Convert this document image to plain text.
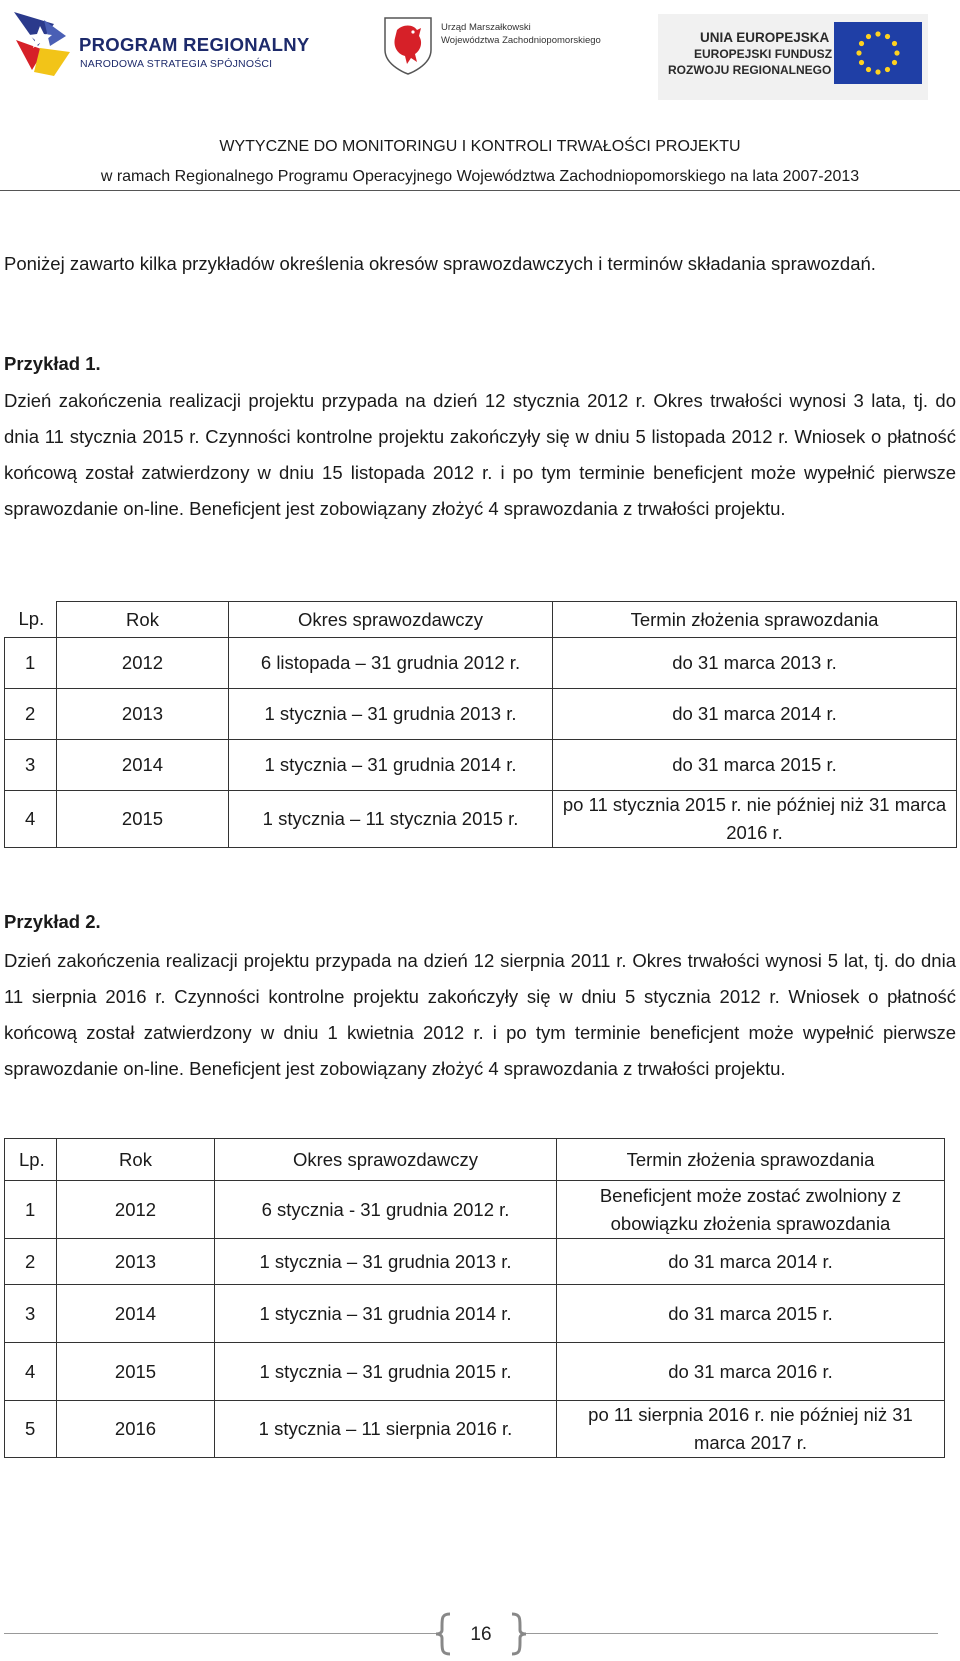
PROGRAM REGIONALNY
NARODOWA STRATEGIA SPÓJNOŚCI
Urząd Marszałkowski
Województwa Zachodniopomorskiego	UNIA EUROPEJSKA
EUROPEJSKI FUNDUSZ
ROZWOJU REGIONALNEGO
WYTYCZNE DO MONITORINGU I KONTROLI TRWAŁOŚCI PROJEKTU
w ramach Regionalnego Programu Operacyjnego Województwa Zachodniopomorskiego na lata 2007-2013
Poniżej zawarto kilka przykładów określenia okresów sprawozdawczych i terminów składania sprawozdań.
Przykład 1.
Dzień zakończenia realizacji projektu przypada na dzień 12 stycznia 2012 r. Okres trwałości wynosi 3 lata, tj. do dnia 11 stycznia 2015 r. Czynności kontrolne projektu zakończyły się w dniu 5 listopada 2012 r. Wniosek o płatność końcową został zatwierdzony w dniu 15 listopada 2012 r. i po tym terminie beneficjent może wypełnić pierwsze sprawozdanie on-line. Beneficjent jest zobowiązany złożyć 4 sprawozdania z trwałości projektu.
Lp.	Rok	Okres sprawozdawczy	Termin złożenia sprawozdania
1	2012	6 listopada – 31 grudnia 2012 r.	do 31 marca 2013 r.
2	2013	1 stycznia – 31 grudnia 2013 r.	do 31 marca 2014 r.
3	2014	1 stycznia – 31 grudnia 2014 r.	do 31 marca 2015 r.
4	2015	1 stycznia – 11 stycznia 2015 r.	po 11 stycznia 2015 r. nie później niż 31 marca 2016 r.
Przykład 2.
Dzień zakończenia realizacji projektu przypada na dzień 12 sierpnia 2011 r. Okres trwałości wynosi 5 lat, tj. do dnia 11 sierpnia 2016 r. Czynności kontrolne projektu zakończyły się w dniu 5 stycznia 2012 r. Wniosek o płatność końcową został zatwierdzony w dniu 1 kwietnia 2012 r. i po tym terminie beneficjent może wypełnić pierwsze sprawozdanie on-line. Beneficjent jest zobowiązany złożyć 4 sprawozdania z trwałości projektu.
Lp.	Rok	Okres sprawozdawczy	Termin złożenia sprawozdania
1	2012	6 stycznia - 31 grudnia 2012 r.	Beneficjent może zostać zwolniony z obowiązku złożenia sprawozdania
2	2013	1 stycznia – 31 grudnia 2013 r.	do 31 marca 2014 r.
3	2014	1 stycznia – 31 grudnia 2014 r.	do 31 marca 2015 r.
4	2015	1 stycznia – 31 grudnia 2015 r.	do 31 marca 2016 r.
5	2016	1 stycznia – 11 sierpnia 2016 r.	po 11 sierpnia 2016 r. nie później niż 31 marca 2017 r.
16
